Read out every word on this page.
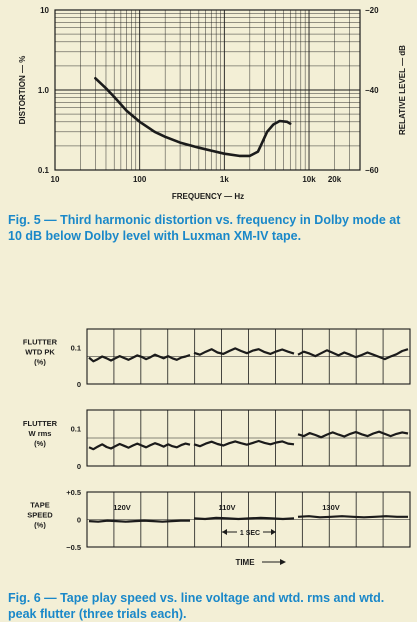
10	100	1k	10k 20k
10
1.0
0.1
−20
−40
−60
FREQUENCY — Hz
DISTORTION — %	RELATIVE LEVEL — dB
0.1
0
FLUTTER
WTD PK
(%)
0.1
0
FLUTTER
W rms
(%)
+0.5
0
−0.5
TAPE
SPEED
(%)
120V	110V	130V
1 SEC
TIME
Fig. 5 — Third harmonic distortion vs. frequency in Dolby mode at 10 dB below Dolby level with Luxman XM-IV tape.
Fig. 6 — Tape play speed vs. line voltage and wtd. rms and wtd. peak flutter (three trials each).
